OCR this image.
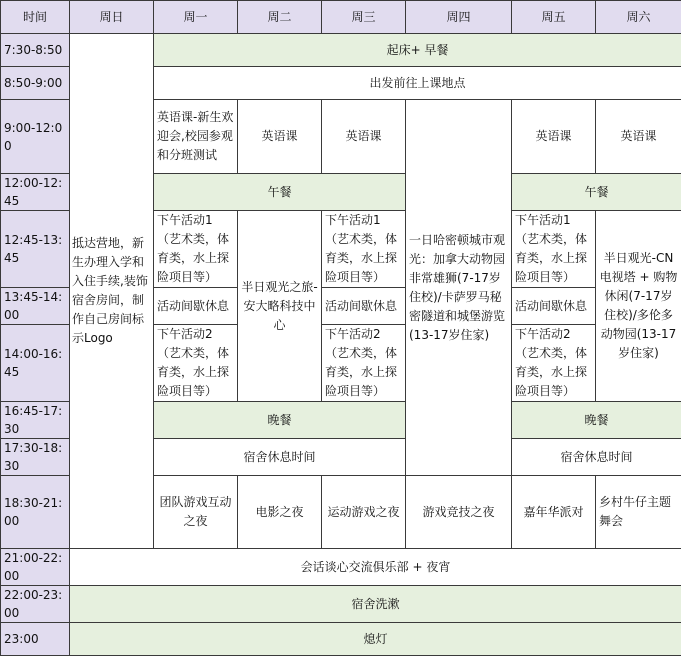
时间	周日	周一	周二	周三	周四	周五	周六
7:30-8:50	抵达营地，新生办理入学和入住手续,装饰宿舍房间，制作自己房间标示Logo	起床+ 早餐					
8:50-9:00		出发前往上课地点					
9:00-12:00		英语课-新生欢迎会,校园参观和分班测试	英语课	英语课	一日哈密顿城市观光：加拿大动物园非常雄狮(7-17岁住校)/卡萨罗马秘密隧道和城堡游览(13-17岁住家)	英语课	英语课
12:00-12:45		午餐				午餐	
12:45-13:45		下午活动1（艺术类，体育类，水上探险项目等）	半日观光之旅-安大略科技中心	下午活动1（艺术类，体育类，水上探险项目等）		下午活动1（艺术类，体育类，水上探险项目等）	半日观光-CN电视塔 + 购物休闲(7-17岁住校)/多伦多动物园(13-17岁住家)
13:45-14:00		活动间歇休息		活动间歇休息		活动间歇休息	
14:00-16:45		下午活动2（艺术类，体育类，水上探险项目等）		下午活动2（艺术类，体育类，水上探险项目等）		下午活动2（艺术类，体育类，水上探险项目等）	
16:45-17:30		晚餐				晚餐	
17:30-18:30		宿舍休息时间				宿舍休息时间	
18:30-21:00		团队游戏互动之夜	电影之夜	运动游戏之夜	游戏竞技之夜	嘉年华派对	乡村牛仔主题舞会
21:00-22:00	会话谈心交流俱乐部 + 夜宵						
22:00-23:00	宿舍洗漱						
23:00	熄灯						
